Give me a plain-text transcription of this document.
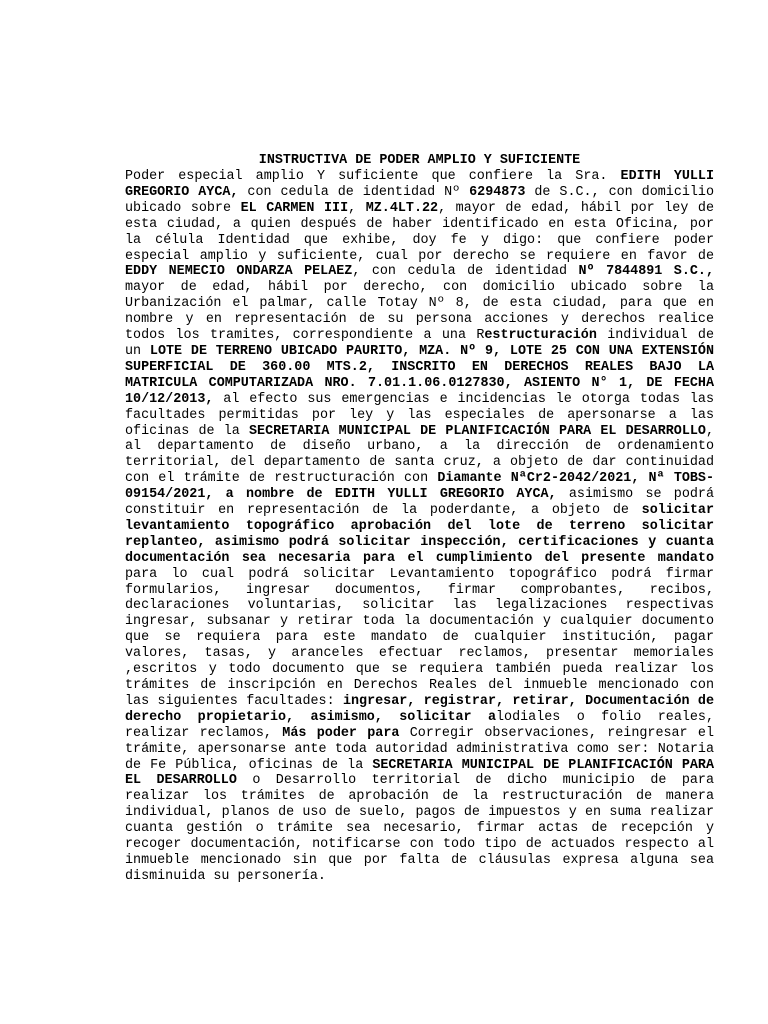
INSTRUCTIVA DE PODER AMPLIO Y SUFICIENTE

Poder especial amplio Y suficiente que confiere la Sra. EDITH YULLI GREGORIO AYCA, con cedula de identidad Nº 6294873 de S.C., con domicilio ubicado sobre EL CARMEN III, MZ.4LT.22, mayor de edad, hábil por ley de esta ciudad, a quien después de haber identificado en esta Oficina, por la célula Identidad que exhibe, doy fe y digo: que confiere poder especial amplio y suficiente, cual por derecho se requiere en favor de EDDY NEMECIO ONDARZA PELAEZ, con cedula de identidad Nº 7844891 S.C., mayor de edad, hábil por derecho, con domicilio ubicado sobre la Urbanización el palmar, calle Totay Nº 8, de esta ciudad, para que en nombre y en representación de su persona acciones y derechos realice todos los tramites, correspondiente a una Restructuración individual de un LOTE DE TERRENO UBICADO PAURITO, MZA. Nº 9, LOTE 25 CON UNA EXTENSIÓN SUPERFICIAL DE 360.00 MTS.2, INSCRITO EN DERECHOS REALES BAJO LA MATRICULA COMPUTARIZADA NRO. 7.01.1.06.0127830, ASIENTO N° 1, DE FECHA 10/12/2013, al efecto sus emergencias e incidencias le otorga todas las facultades permitidas por ley y las especiales de apersonarse a las oficinas de la SECRETARIA MUNICIPAL DE PLANIFICACIÓN PARA EL DESARROLLO, al departamento de diseño urbano, a la dirección de ordenamiento territorial, del departamento de santa cruz, a objeto de dar continuidad con el trámite de restructuración con Diamante NªCr2-2042/2021, Nª TOBS-09154/2021, a nombre de EDITH YULLI GREGORIO AYCA, asimismo se podrá constituir en representación de la poderdante, a objeto de solicitar levantamiento topográfico aprobación del lote de terreno solicitar replanteo, asimismo podrá solicitar inspección, certificaciones y cuanta documentación sea necesaria para el cumplimiento del presente mandato para lo cual podrá solicitar Levantamiento topográfico podrá firmar formularios, ingresar documentos, firmar comprobantes, recibos, declaraciones voluntarias, solicitar las legalizaciones respectivas ingresar, subsanar y retirar toda la documentación y cualquier documento que se requiera para este mandato de cualquier institución, pagar valores, tasas, y aranceles efectuar reclamos, presentar memoriales ,escritos y todo documento que se requiera también pueda realizar los trámites de inscripción en Derechos Reales del inmueble mencionado con las siguientes facultades: ingresar, registrar, retirar, Documentación de derecho propietario, asimismo, solicitar alodiales o folio reales, realizar reclamos, Más poder para Corregir observaciones, reingresar el trámite, apersonarse ante toda autoridad administrativa como ser: Notaria de Fe Pública, oficinas de la SECRETARIA MUNICIPAL DE PLANIFICACIÓN PARA EL DESARROLLO o Desarrollo territorial de dicho municipio de para realizar los trámites de aprobación de la restructuración de manera individual, planos de uso de suelo, pagos de impuestos y en suma realizar cuanta gestión o trámite sea necesario, firmar actas de recepción y recoger documentación, notificarse con todo tipo de actuados respecto al inmueble mencionado sin que por falta de cláusulas expresa alguna sea disminuida su personería.
